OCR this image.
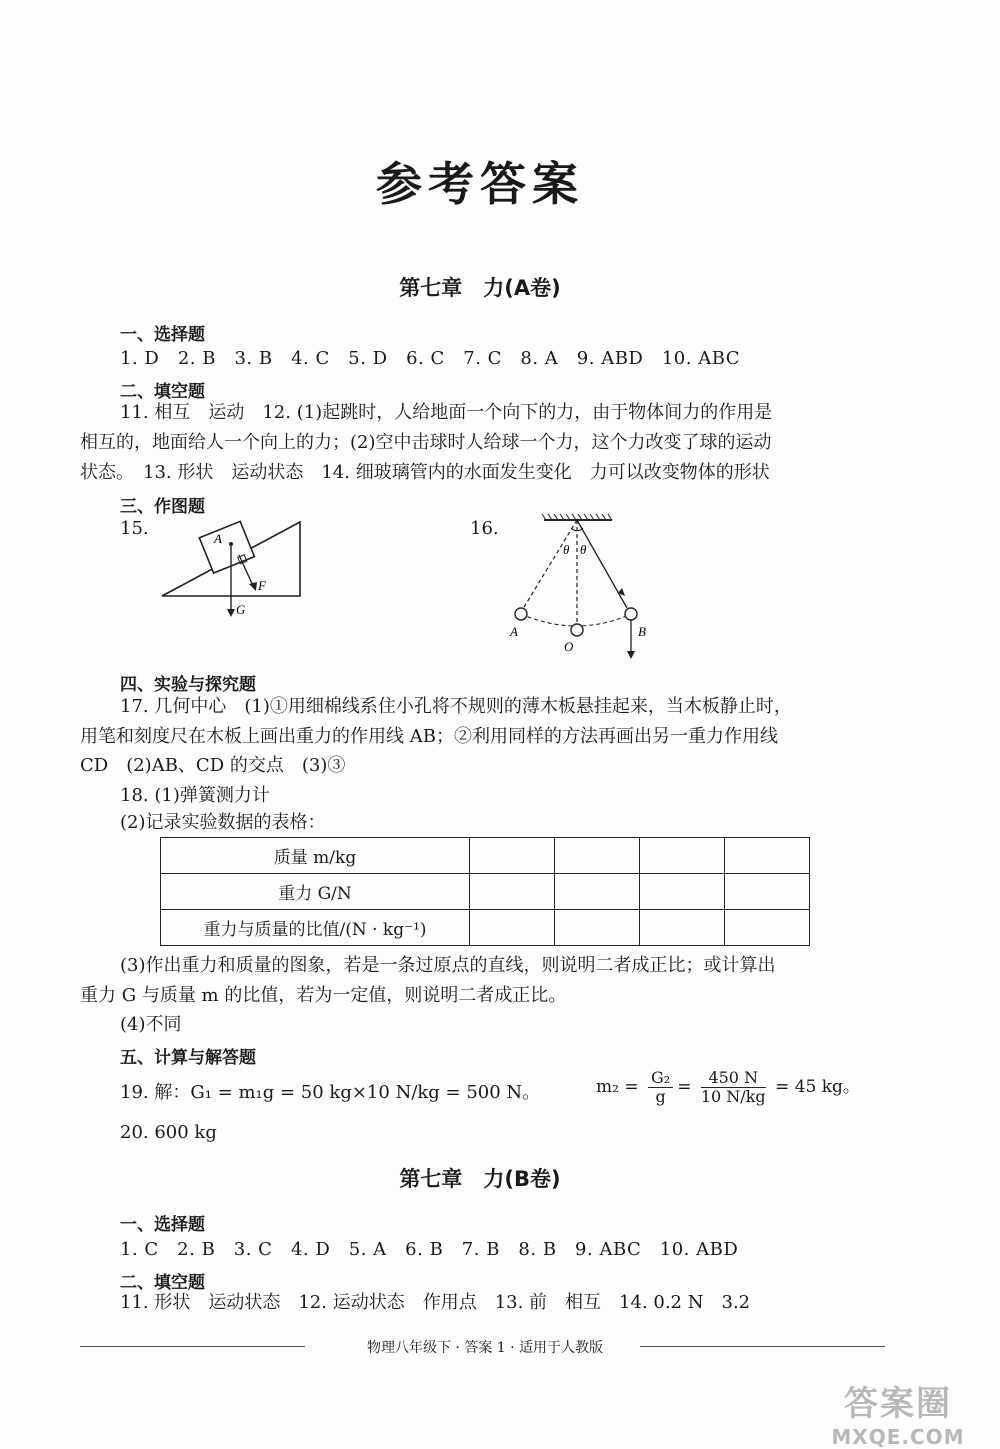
参考答案
第七章　力(A卷)
一、选择题
1. D　2. B　3. B　4. C　5. D　6. C　7. C　8. A　9. ABD　10. ABC
二、填空题
11. 相互　运动　12. (1)起跳时，人给地面一个向下的力，由于物体间力的作用是
相互的，地面给人一个向上的力；(2)空中击球时人给球一个力，这个力改变了球的运动
状态。　13. 形状　运动状态　14. 细玻璃管内的水面发生变化　力可以改变物体的形状
三、作图题
15.	16.
A
F
G
θ θ
A
O
B
四、实验与探究题
17. 几何中心　(1)①用细棉线系住小孔将不规则的薄木板悬挂起来，当木板静止时，
用笔和刻度尺在木板上画出重力的作用线 AB；②利用同样的方法再画出另一重力作用线
CD　(2)AB、CD 的交点　(3)③
18. (1)弹簧测力计
(2)记录实验数据的表格：
质量 m/kg				
重力 G/N				
重力与质量的比值/(N · kg⁻¹)				
(3)作出重力和质量的图象，若是一条过原点的直线，则说明二者成正比；或计算出
重力 G 与质量 m 的比值，若为一定值，则说明二者成正比。
(4)不同
五、计算与解答题
19. 解：G₁ = m₁g = 50 kg×10 N/kg = 500 N。	$m_2 = \frac{\text{G₂}}{g} = \frac{450 N}{10 N/kg} = 45$ kg。
20. 600 kg
第七章　力(B卷)
一、选择题
1. C　2. B　3. C　4. D　5. A　6. B　7. B　8. B　9. ABC　10. ABD
二、填空题
11. 形状　运动状态　12. 运动状态　作用点　13. 前　相互　14. 0.2 N　3.2
物理八年级下 · 答案 1 · 适用于人教版
答案圈
MXQE.COM
